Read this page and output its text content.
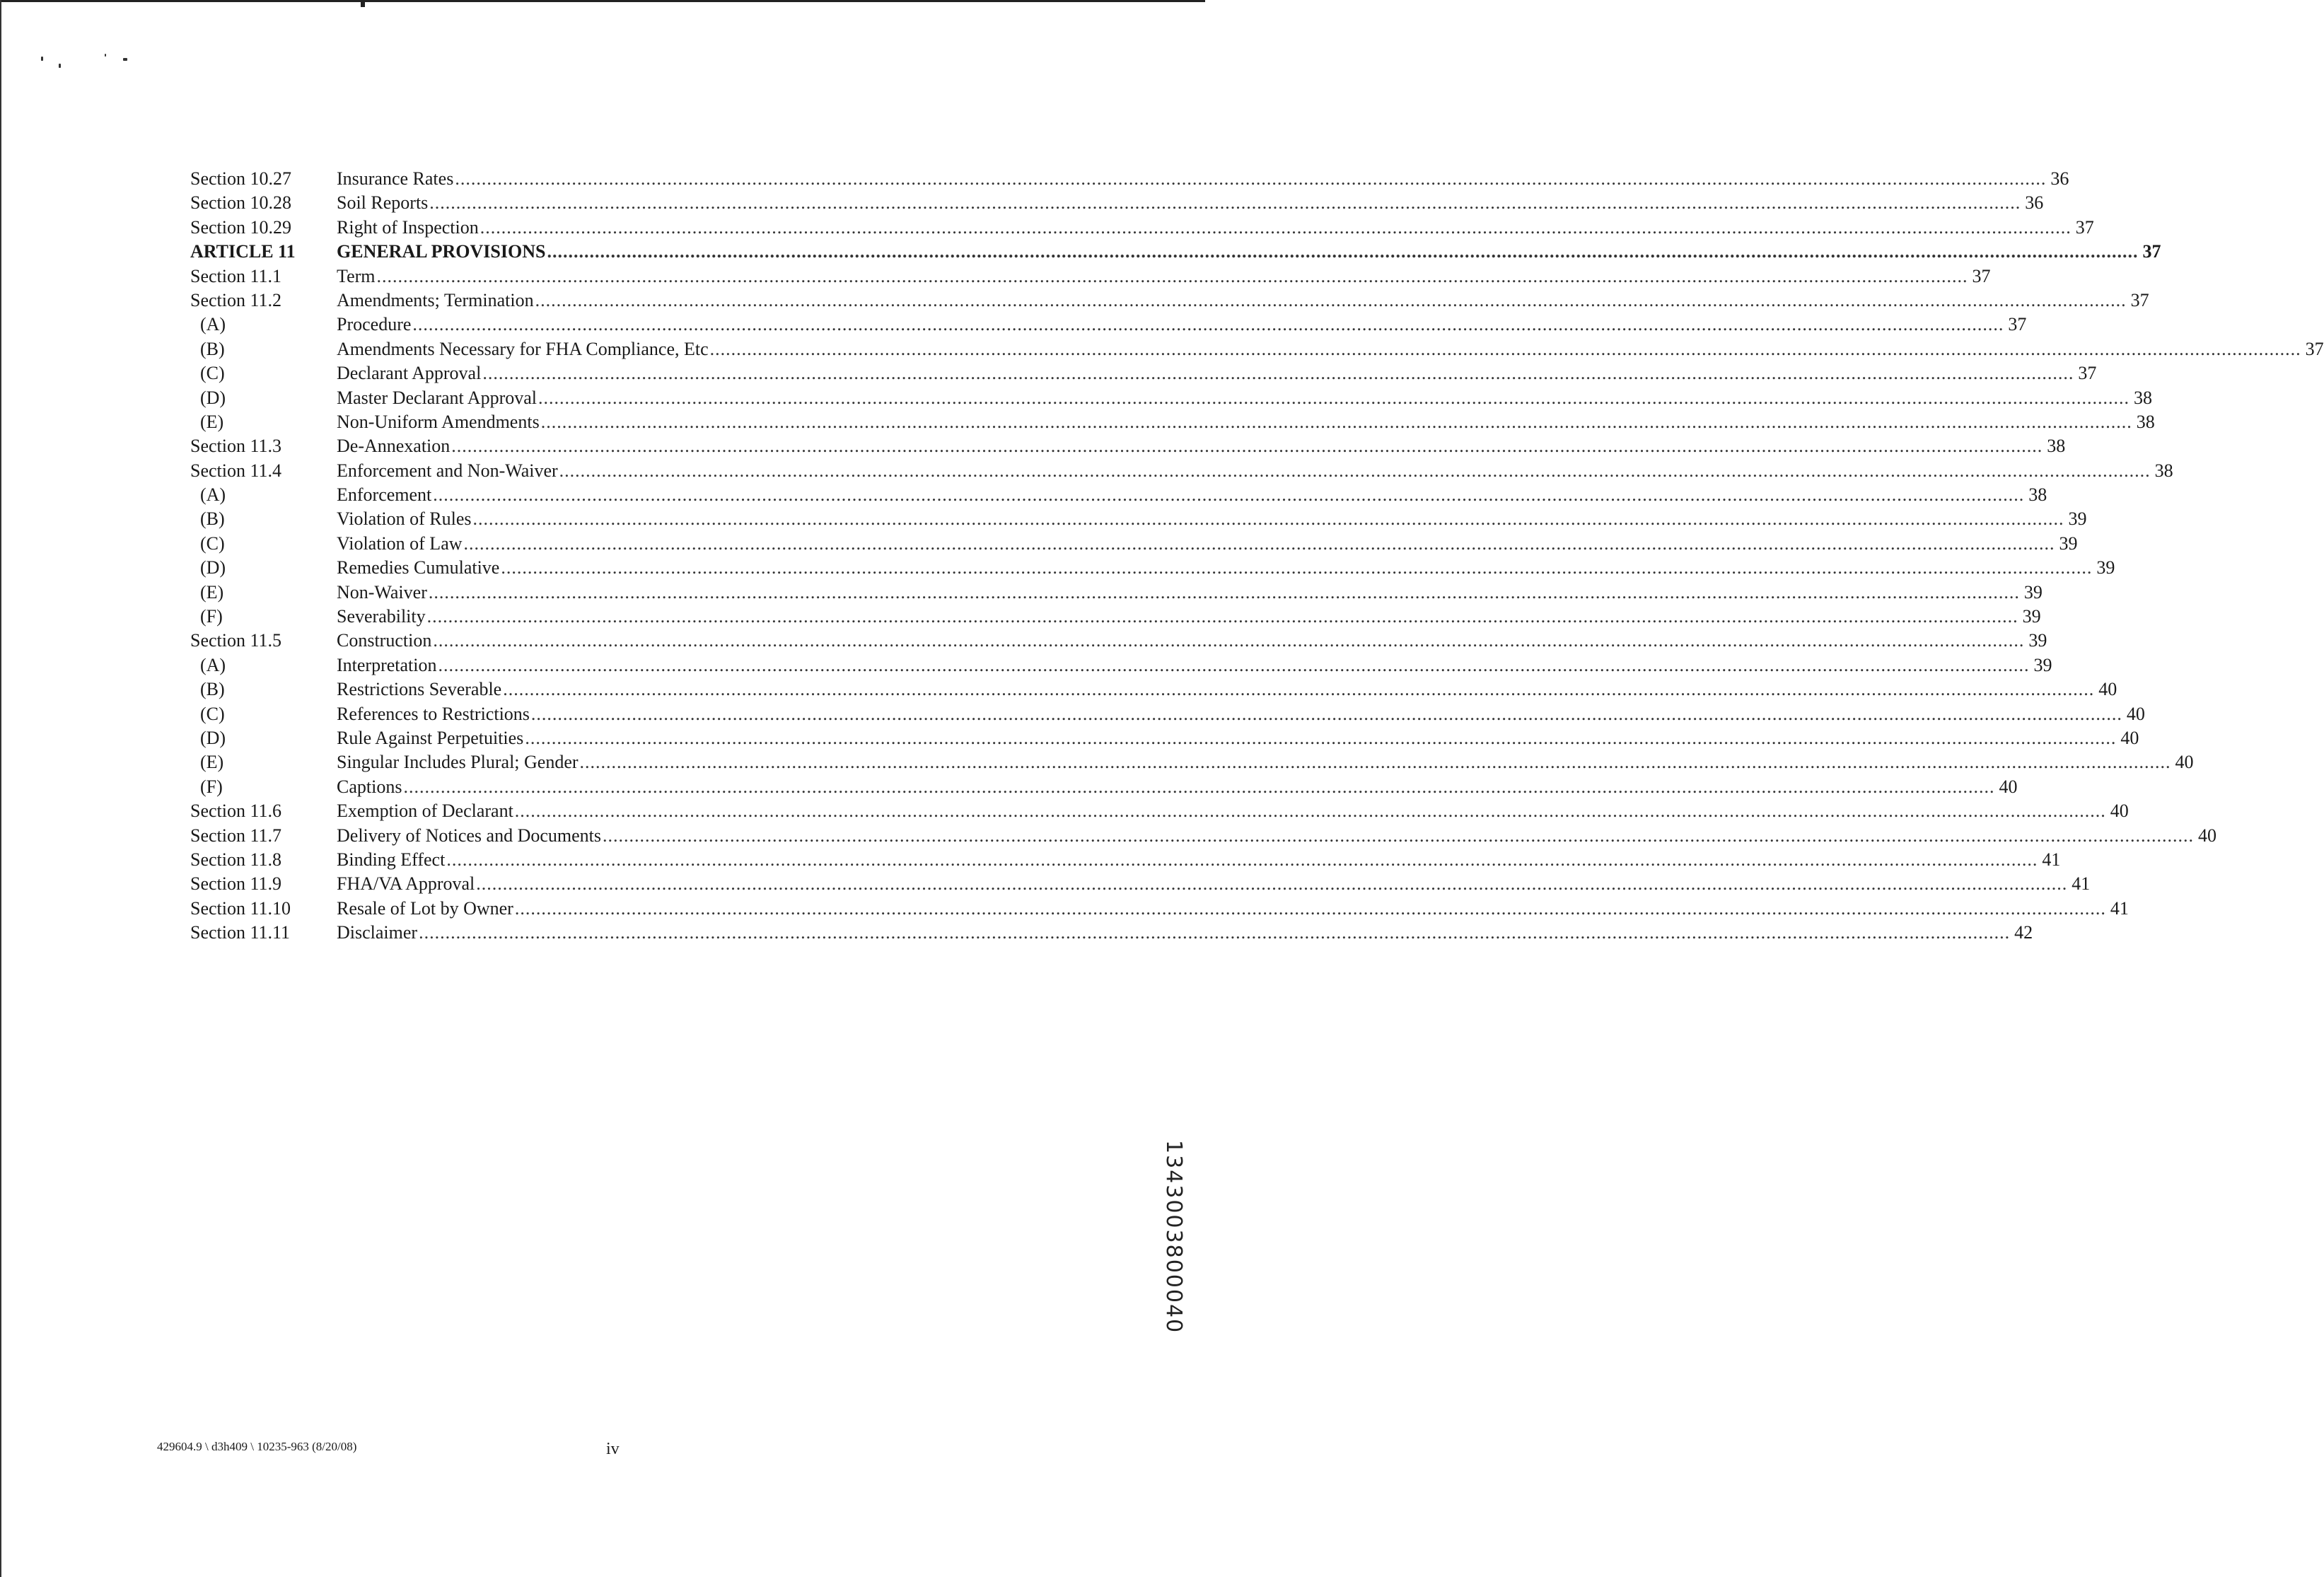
Section 10.27	Insurance Rates ............................................................................................................................................................................................................................................................................................................ 36
Section 10.28	Soil Reports ............................................................................................................................................................................................................................................................................................................ 36
Section 10.29	Right of Inspection ............................................................................................................................................................................................................................................................................................................ 37
ARTICLE 11	GENERAL PROVISIONS ............................................................................................................................................................................................................................................................................................................ 37
Section 11.1	Term ............................................................................................................................................................................................................................................................................................................ 37
Section 11.2	Amendments; Termination ............................................................................................................................................................................................................................................................................................................ 37
(A)	Procedure ............................................................................................................................................................................................................................................................................................................ 37
(B)	Amendments Necessary for FHA Compliance, Etc ............................................................................................................................................................................................................................................................................................................ 37
(C)	Declarant Approval ............................................................................................................................................................................................................................................................................................................ 37
(D)	Master Declarant Approval ............................................................................................................................................................................................................................................................................................................ 38
(E)	Non-Uniform Amendments ............................................................................................................................................................................................................................................................................................................ 38
Section 11.3	De-Annexation ............................................................................................................................................................................................................................................................................................................ 38
Section 11.4	Enforcement and Non-Waiver ............................................................................................................................................................................................................................................................................................................ 38
(A)	Enforcement ............................................................................................................................................................................................................................................................................................................ 38
(B)	Violation of Rules ............................................................................................................................................................................................................................................................................................................ 39
(C)	Violation of Law ............................................................................................................................................................................................................................................................................................................ 39
(D)	Remedies Cumulative ............................................................................................................................................................................................................................................................................................................ 39
(E)	Non-Waiver ............................................................................................................................................................................................................................................................................................................ 39
(F)	Severability ............................................................................................................................................................................................................................................................................................................ 39
Section 11.5	Construction ............................................................................................................................................................................................................................................................................................................ 39
(A)	Interpretation ............................................................................................................................................................................................................................................................................................................ 39
(B)	Restrictions Severable ............................................................................................................................................................................................................................................................................................................ 40
(C)	References to Restrictions ............................................................................................................................................................................................................................................................................................................ 40
(D)	Rule Against Perpetuities ............................................................................................................................................................................................................................................................................................................ 40
(E)	Singular Includes Plural; Gender ............................................................................................................................................................................................................................................................................................................ 40
(F)	Captions ............................................................................................................................................................................................................................................................................................................ 40
Section 11.6	Exemption of Declarant ............................................................................................................................................................................................................................................................................................................ 40
Section 11.7	Delivery of Notices and Documents ............................................................................................................................................................................................................................................................................................................ 40
Section 11.8	Binding Effect ............................................................................................................................................................................................................................................................................................................ 41
Section 11.9	FHA/VA Approval ............................................................................................................................................................................................................................................................................................................ 41
Section 11.10	Resale of Lot by Owner ............................................................................................................................................................................................................................................................................................................ 41
Section 11.11	Disclaimer ............................................................................................................................................................................................................................................................................................................ 42
429604.9 \ d3h409 \ 10235-963 (8/20/08)	iv
1343003800040
